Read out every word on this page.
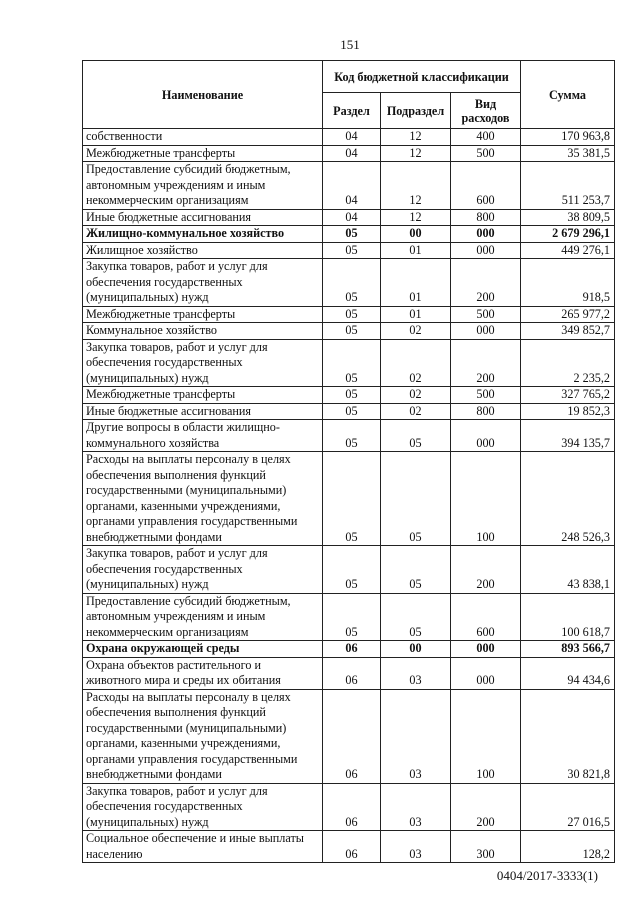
151
Наименование	Код бюджетной классификации			Сумма
	Раздел	Подраздел	Вид расходов	
собственности	04	12	400	170 963,8
Межбюджетные трансферты	04	12	500	35 381,5
Предоставление субсидий бюджетным, автономным учреждениям и иным некоммерческим организациям	04	12	600	511 253,7
Иные бюджетные ассигнования	04	12	800	38 809,5
Жилищно-коммунальное хозяйство	05	00	000	2 679 296,1
Жилищное хозяйство	05	01	000	449 276,1
Закупка товаров, работ и услуг для обеспечения государственных (муниципальных) нужд	05	01	200	918,5
Межбюджетные трансферты	05	01	500	265 977,2
Коммунальное хозяйство	05	02	000	349 852,7
Закупка товаров, работ и услуг для обеспечения государственных (муниципальных) нужд	05	02	200	2 235,2
Межбюджетные трансферты	05	02	500	327 765,2
Иные бюджетные ассигнования	05	02	800	19 852,3
Другие вопросы в области жилищно-коммунального хозяйства	05	05	000	394 135,7
Расходы на выплаты персоналу в целях обеспечения выполнения функций государственными (муниципальными) органами, казенными учреждениями, органами управления государственными внебюджетными фондами	05	05	100	248 526,3
Закупка товаров, работ и услуг для обеспечения государственных (муниципальных) нужд	05	05	200	43 838,1
Предоставление субсидий бюджетным, автономным учреждениям и иным некоммерческим организациям	05	05	600	100 618,7
Охрана окружающей среды	06	00	000	893 566,7
Охрана объектов растительного и животного мира и среды их обитания	06	03	000	94 434,6
Расходы на выплаты персоналу в целях обеспечения выполнения функций государственными (муниципальными) органами, казенными учреждениями, органами управления государственными внебюджетными фондами	06	03	100	30 821,8
Закупка товаров, работ и услуг для обеспечения государственных (муниципальных) нужд	06	03	200	27 016,5
Социальное обеспечение и иные выплаты населению	06	03	300	128,2
0404/2017-3333(1)
